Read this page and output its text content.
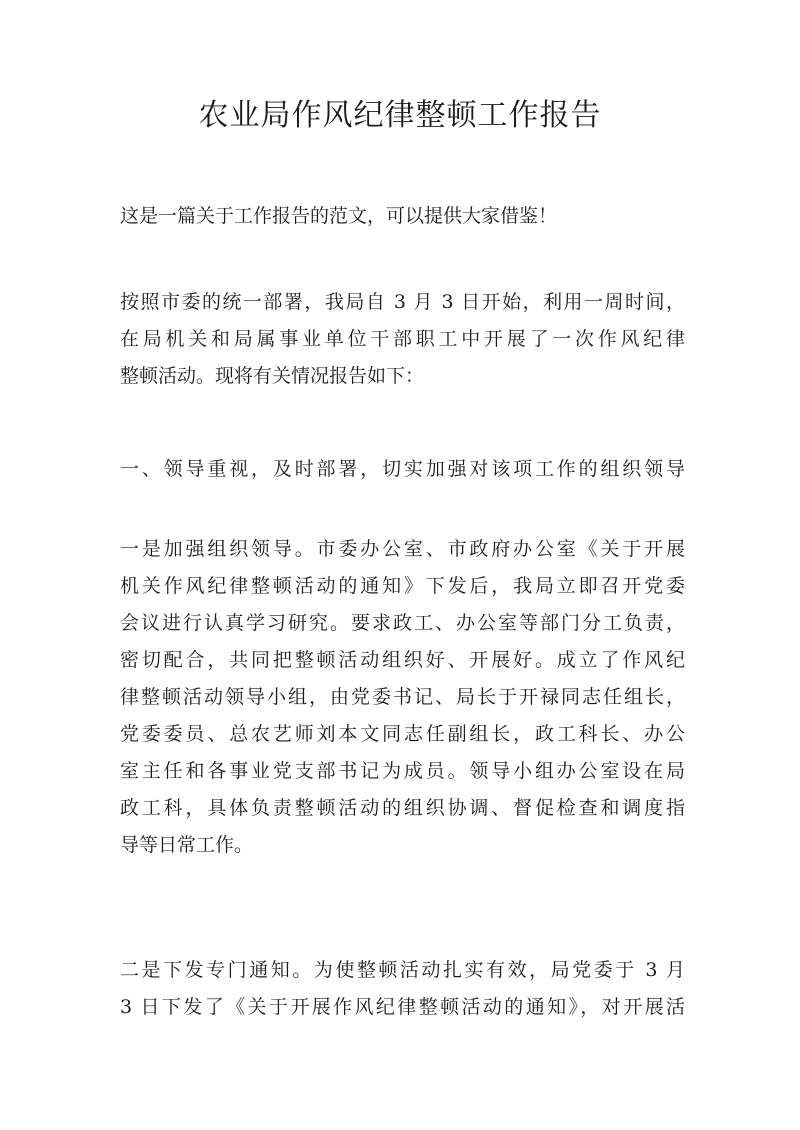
农业局作风纪律整顿工作报告
这是一篇关于工作报告的范文，可以提供大家借鉴！
按照市委的统一部署，我局自 3 月 3 日开始，利用一周时间，
在局机关和局属事业单位干部职工中开展了一次作风纪律
整顿活动。现将有关情况报告如下：
一、领导重视，及时部署，切实加强对该项工作的组织领导
一是加强组织领导。市委办公室、市政府办公室《关于开展
机关作风纪律整顿活动的通知》下发后，我局立即召开党委
会议进行认真学习研究。要求政工、办公室等部门分工负责，
密切配合，共同把整顿活动组织好、开展好。成立了作风纪
律整顿活动领导小组，由党委书记、局长于开禄同志任组长，
党委委员、总农艺师刘本文同志任副组长，政工科长、办公
室主任和各事业党支部书记为成员。领导小组办公室设在局
政工科，具体负责整顿活动的组织协调、督促检查和调度指
导等日常工作。
二是下发专门通知。为使整顿活动扎实有效，局党委于 3 月
3 日下发了《关于开展作风纪律整顿活动的通知》，对开展活
